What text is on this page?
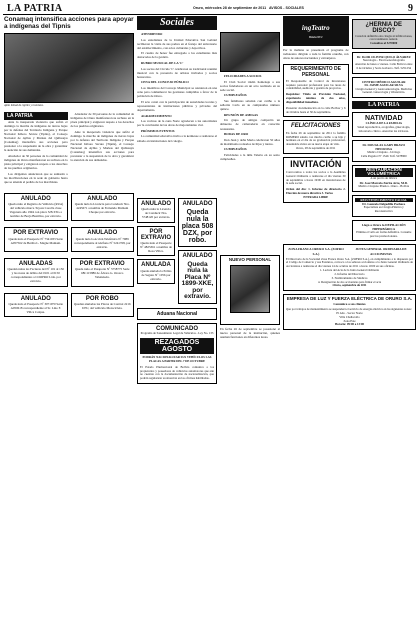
LA PATRIA	Oruro, miércoles 28 de septiembre de 2011 AVISOS - SOCIALES	9
Conamaq intensifica acciones para apoyar a indígenas del Tipnis
Apilo lidead de cigilles y tramistas.
LA PATRIA

Ante la inesperada violencia que sufrió el domingo la marcha de indígenas de tierras bajas por la defensa del Territorio Indígena y Parque Nacional Isiboro Sécure (Tipnis), el Consejo Nacional de Ayllus y Markas del Qullasuyu (Conamaq) intensifica sus acciones para presionar a la suspensión de la obra y garantizar la atención de sus demandas.

Alrededor de 30 personas de la comunidad de indígenas de Oruro manifestaron su rechazo en la plaza principal y exigieron respeto a los derechos de los pueblos originarios.

Los dirigentes anunciaron que se sumarán a las movilizaciones en la sede de gobierno hasta que se atienda el pedido de los marchistas.

Alrededor de 30 personas de la comunidad de indígenas de Oruro manifestaron su rechazo en la plaza principal y exigieron respeto a los derechos de los pueblos originarios.

Ante la inesperada violencia que sufrió el domingo la marcha de indígenas de tierras bajas por la defensa del Territorio Indígena y Parque Nacional Isiboro Sécure (Tipnis), el Consejo Nacional de Ayllus y Markas del Qullasuyu (Conamaq) intensifica sus acciones para presionar a la suspensión de la obra y garantizar la atención de sus demandas.

ANULADO
Queda nulo el Registro de Vehículo (RUA) del vehículo marca Toyota Corolla clase Vagoneta año 1994 con placa 328-TZG a nombre de Borja Bustillos, por extravío.
ANULADO
Queda nula la Licencia para Conducir Nro. 4245671 a nombre de Fernando Mamani Choque por extravío.
POR EXTRAVIO
Queda nulo el Pasaporte Nº 7341033 Serie A057562 de Bertha L. Magne Mamani.
ANULADO
Queda nula la Acción Telefónica Nº 7989 correspondiente al teléfono Nº 5241768, por extravío.
ANULADAS
Quedan nulas las Facturas del Nº 101 al 150 y las notas de débito del 0101 al 0150 correspondientes a COOPRO Ltda. por extravío.
POR EXTRAVIO
Queda nulo el Pasaporte Nº 5758775 Serie 68C115886 de Álvaro G. Orozco Valenzuela.
ANULADO
Queda nulo el Pasaporte Nº 3071970 Serie A050618 correspondiente al Sr. Lino F. Villca Colque.
POR ROBO
Quedan anuladas las Placas de Control 2216 UPU, del vehículo Motocicleta.
Sociales

ATENDIENDO

Los estudiantes de la Unidad Educativa San Gabriel recibieron la visita de sus padres en el festejo del aniversario del establecimiento, con actos culturales y deportivos.

El cuadro de honor fue entregado a los estudiantes más destacados de la gestión.

RUBRO MUSICAL DE LA 'C'

Los socios del Círculo 'C' celebraron su tradicional reunión musical con la presencia de artistas invitados y socios honorarios.

CENA DEL CONCEJO PÚBLICO

Los miembros del Concejo Municipal se reunieron en una cena para conmemorar las gestiones cumplidas a favor de la población de Oruro.

El acto contó con la participación de autoridades locales y representantes de instituciones públicas y privadas del departamento.

AGRADECIMIENTO

Los vecinos de la zona Norte agradecen a las autoridades por la conclusión de las obras de mejoramiento vial.

PRÓXIMOS EVENTOS

La comunidad educativa invita a la kermesse a realizarse el sábado en instalaciones del colegio.

ANULADO
Queda nula la Licencia de Conducir Nro. 5748120 por extravío.
POR EXTRAVIO
Queda nulo el Pasaporte Nº 4825361 a nombre de Rosa Villca.
ANULADA
Queda anulada la Póliza de Seguro Nº 1056 por extravío.
ANULADO
Queda nula la placa 508 DZX, por robo.
ANULADO
Queda nula la Placa Nº 1899-XKE, por extravío.
Aduana Nacional
COMUNICADO
Programa de Saneamiento Legal de Vehículos - Ley No. 133
REZAGADOS AGOSTO
PODRÁN NACIONALIZAR SUS VEHÍCULOS LAS PLACAS A PARTIR DEL 7 DE OCTUBRE
El Estado Plurinacional de Bolivia comunica a los propietarios y poseedores de vehículos automotores que aún no cuentan con la documentación de nacionalización, que podrán regularizar su situación en las oficinas habilitadas.

FELICIDADES A SOCIOS

El Club Social rindió homenaje a sus socios fundadores en un acto realizado en su sede social.

CUMPLEAÑOS

Sus familiares saludan con cariño a la señorita Carla en su cumpleaños número quince.

REUNIÓN DE AMIGAS

Un grupo de amigas compartió un almuerzo de camaradería en conocido restaurante.

BODAS DE ORO

Don Juan y doña María celebraron 50 años de matrimonio rodeados de hijos y nietos.

CUMPLEAÑOS

Felicidades a la niña Valeria en su sexto cumpleaños.

NUEVO PERSONAL
En fecha 26 de septiembre se posesionó al nuevo personal de la institución, quienes asumen funciones en diferentes áreas.
ingTeatro
Oruro 97.1
Por la mañana se presentará el programa de radioteatro dirigido a toda la familia orureña, con obras de autores nacionales y extranjeros.
REQUERIMIENTO DE PERSONAL
El Responsable de Control de Inversiones requiere personal profesional para las áreas de contabilidad, auditoría y gestión de proyectos.
Requisitos: Título en Provisión Nacional, experiencia mínima de dos años, disponibilidad inmediata.
Presentar documentación en la calle Bolívar y 6 de Octubre hasta el 30 de septiembre.
FELICITACIONES
En fecha 26 de septiembre de 2011 la familia ROMERO saluda con mucho cariño a su hija y hermana en el día de su graduación profesional, deseándole éxitos en su nueva etapa de vida.
Oruro, 28 de septiembre de 2011
INVITACIÓN
Convocamos a todos los socios a la Asamblea General Ordinaria a realizarse el día viernes 30 de septiembre a horas 19:00 en instalaciones de la sede social.
Orden del día: 1. Informe de directorio 2. Elección de nueva directiva 3. Varios
ENTRADA LIBRE
¿HERNIA DE DISCO?
Curación definitiva sin cirugía ni infiltraciones, con tratamiento natural.
Consultas al 5270000
Dr. IGOR OLIVER QUILO ÁLVAREZ
Neurología - Electroencefalografía
Atención de lunes a viernes. Calle Bolívar entre 6 de Octubre y Soria Galvarro. Telf. 5251234
CENTRO MÉDICO AGUILAR
Dr. JAIME AGUILAR SILVA
Cirugía General y Gastroenterología. Medicina General. Ginecología y Obstetricia.
LA PATRIA
NATIVIDAD
CLÍNICA DE LA FAMILIA
Salud reproductiva, ecografías, ginecología, laboratorio clínico. Atención las 24 horas.
Dr. DOUGLAS GARY BRAVO HINOJOSA
Médico Cirujano - Urólogo
Calle Pagador Nº 1540. Telf. 5278900
RESTAURACIÓN VOLUMÉTRICA
A un precio de fábrica
Dr. José Marcelo Zurita Arze, M.D.
Médico Cirujano Plástico. Oruro - Bolivia
REJUVENECIMIENTO FACIAL
Dr. Gonzalo Delgadillo Pacheco
Especialista en Cirugía Plástica y Reconstructiva
Llegó a Oruro la DEPILACIÓN HIPERBÁRICA
Elimina el vello en forma definitiva. Consulte precios promocionales.
ZONA FRANCA ORURO S.A. (ZOFRO S.A.)
JUNTA GENERAL ORDINARIA DE ACCIONISTAS
El Directorio de la Sociedad Zona Franca Oruro S.A. (ZOFRO S.A.), en cumplimiento a lo dispuesto por el Código de Comercio y sus Estatutos, convoca a los señores accionistas a la Junta General Ordinaria de Accionistas a realizarse el día viernes 14 de octubre de 2011 a horas 10:00 en sus oficinas.
1. Lectura del Acta de la Junta General Ordinaria
2. Informe del Directorio
3. Nombramiento de Síndicos
4. Designación de dos accionistas para firmar el acta
Oruro, septiembre de 2011
EMPRESA DE LUZ Y FUERZA ELÉCTRICA DE ORURO S.A.
Comunica a sus clientes
Que por trabajos de mantenimiento se suspenderá el servicio de energía eléctrica en las siguientes zonas:
El Alto - Sector Norte
Villa Challacollo
Zona Este
Horario: 09:00 a 13:00
